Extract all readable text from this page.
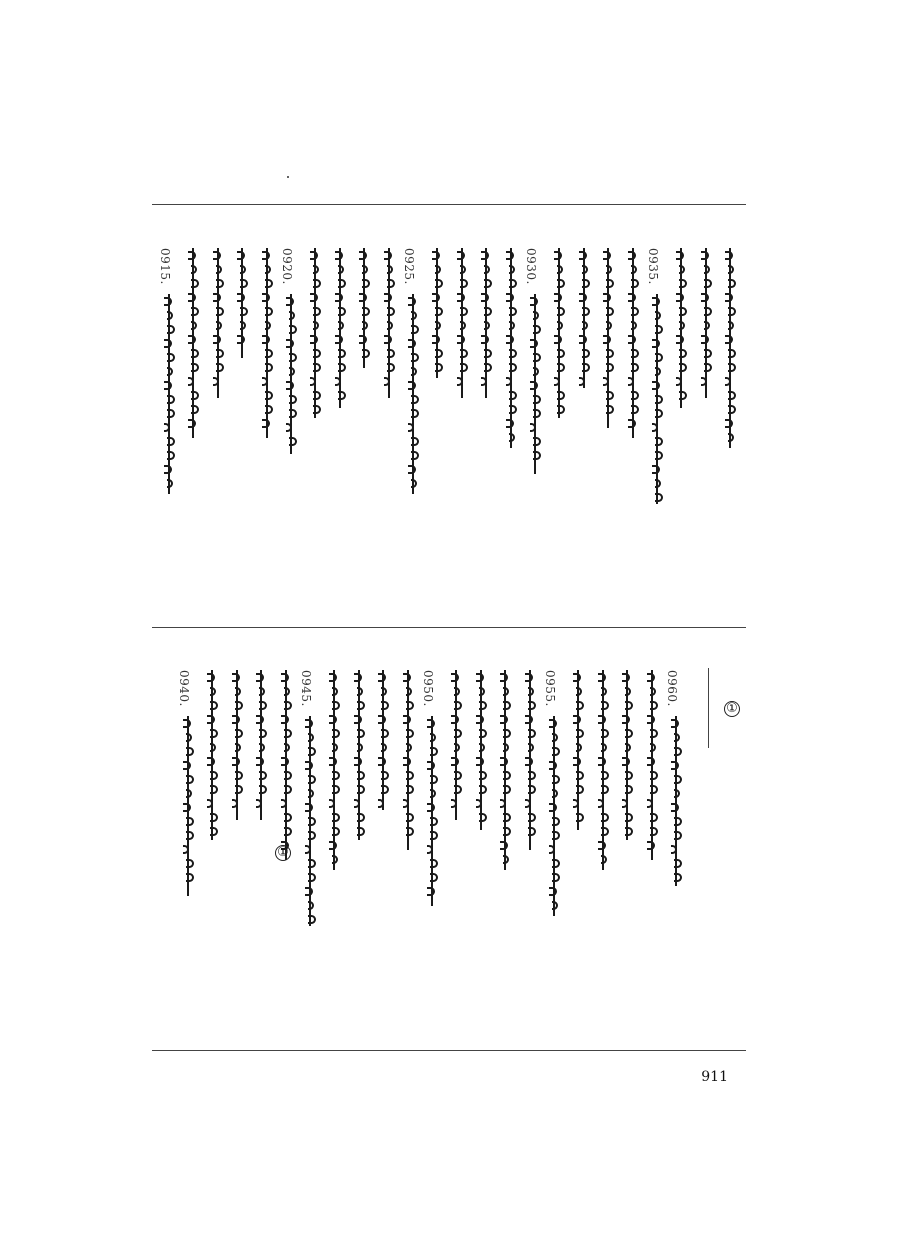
0915.	0920.	0925.	0930.	0935.
0940.	0945.	0950.	0955.	0960.
①
①
911
